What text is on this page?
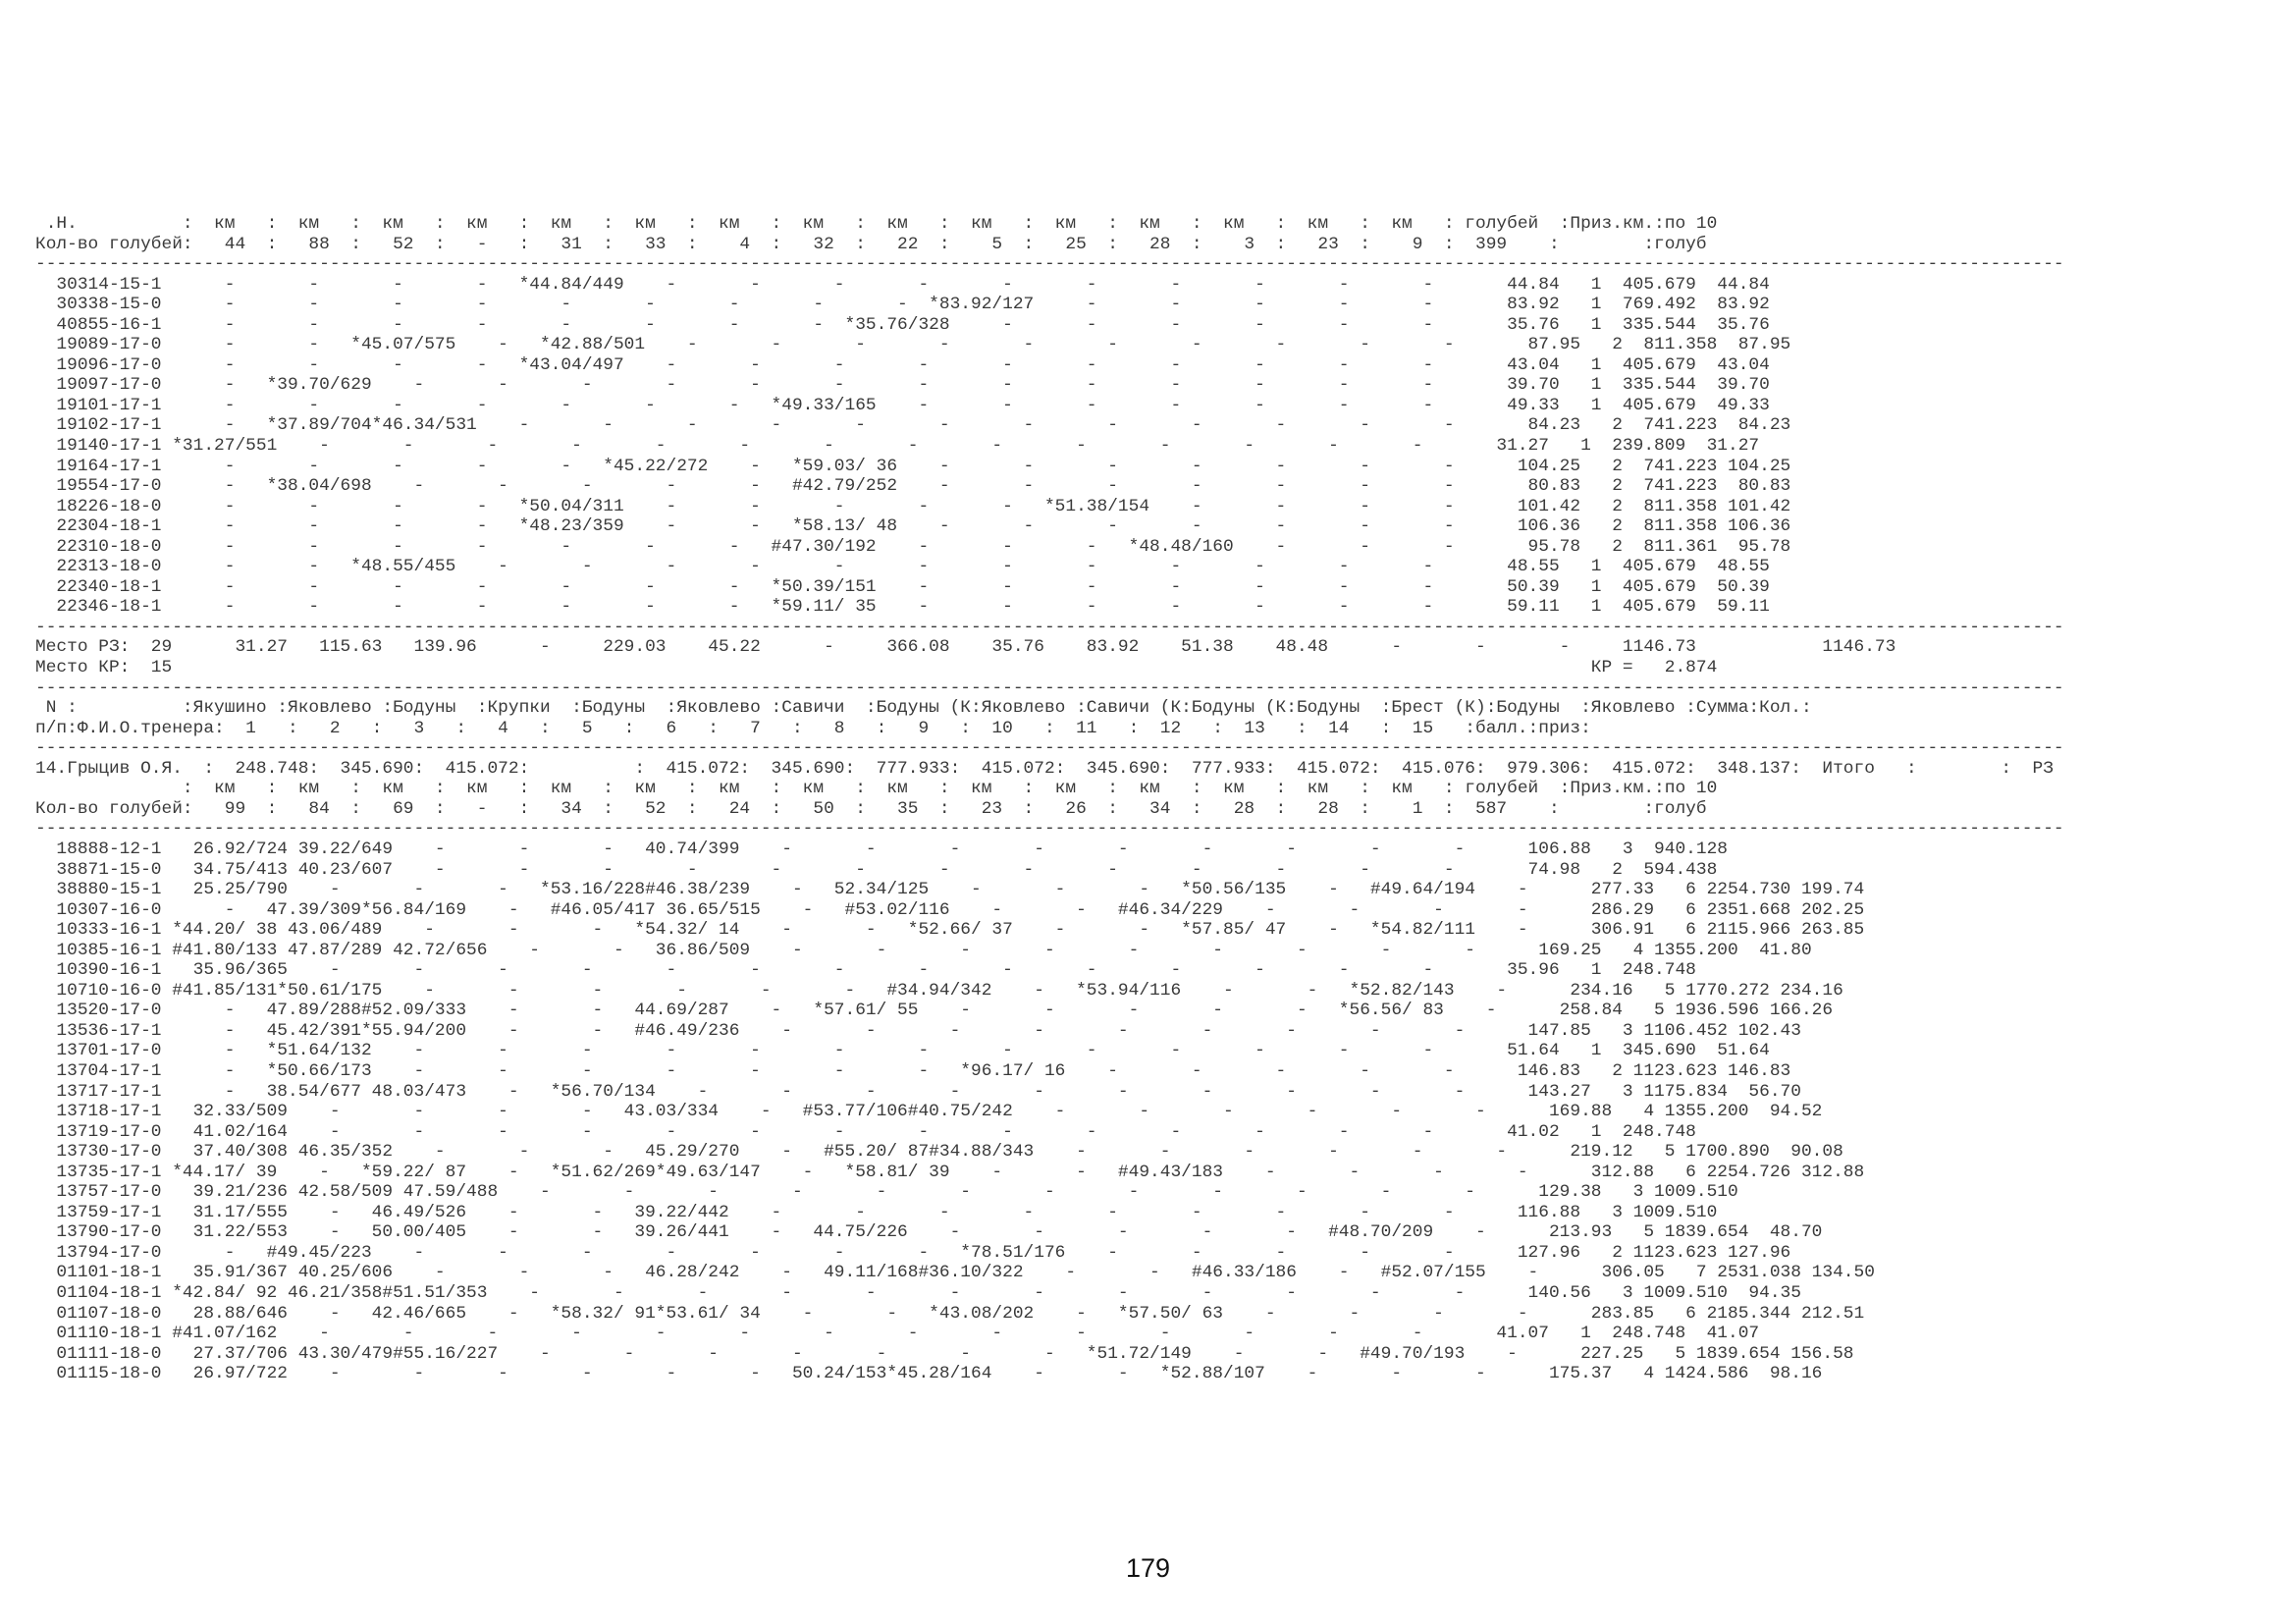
.Н.          :  км   :  км   :  км   :  км   :  км   :  км   :  км   :  км   :  км   :  км   :  км   :  км   :  км   :  км   :  км   : голубей  :Приз.км.:по 10
Кол-во голубей:   44  :   88  :   52  :   -   :   31  :   33  :    4  :   32  :   22  :    5  :   25  :   28  :    3  :   23  :    9  :  399    :        :голуб
-------------------------------------------------------------------------------------------------------------------------------------------------------------------------------------------------
30314-15-1      -       -       -       -   *44.84/449    -       -       -       -       -       -       -       -       -       -       44.84   1  405.679  44.84
30338-15-0      -       -       -       -       -       -       -       -       -  *83.92/127     -       -       -       -       -       83.92   1  769.492  83.92
40855-16-1      -       -       -       -       -       -       -       -  *35.76/328     -       -       -       -       -       -       35.76   1  335.544  35.76
19089-17-0      -       -   *45.07/575    -   *42.88/501    -       -       -       -       -       -       -       -       -       -       87.95   2  811.358  87.95
19096-17-0      -       -       -       -   *43.04/497    -       -       -       -       -       -       -       -       -       -       43.04   1  405.679  43.04
19097-17-0      -   *39.70/629    -       -       -       -       -       -       -       -       -       -       -       -       -       39.70   1  335.544  39.70
19101-17-1      -       -       -       -       -       -       -   *49.33/165    -       -       -       -       -       -       -       49.33   1  405.679  49.33
19102-17-1      -   *37.89/704*46.34/531    -       -       -       -       -       -       -       -       -       -       -       -       84.23   2  741.223  84.23
19140-17-1 *31.27/551    -       -       -       -       -       -       -       -       -       -       -       -       -       -       31.27   1  239.809  31.27
19164-17-1      -       -       -       -       -   *45.22/272    -   *59.03/ 36    -       -       -       -       -       -       -      104.25   2  741.223 104.25
19554-17-0      -   *38.04/698    -       -       -       -       -   #42.79/252    -       -       -       -       -       -       -       80.83   2  741.223  80.83
18226-18-0      -       -       -       -   *50.04/311    -       -       -       -       -   *51.38/154    -       -       -       -      101.42   2  811.358 101.42
22304-18-1      -       -       -       -   *48.23/359    -       -   *58.13/ 48    -       -       -       -       -       -       -      106.36   2  811.358 106.36
22310-18-0      -       -       -       -       -       -       -   #47.30/192    -       -       -   *48.48/160    -       -       -       95.78   2  811.361  95.78
22313-18-0      -       -   *48.55/455    -       -       -       -       -       -       -       -       -       -       -       -       48.55   1  405.679  48.55
22340-18-1      -       -       -       -       -       -       -   *50.39/151    -       -       -       -       -       -       -       50.39   1  405.679  50.39
22346-18-1      -       -       -       -       -       -       -   *59.11/ 35    -       -       -       -       -       -       -       59.11   1  405.679  59.11
-------------------------------------------------------------------------------------------------------------------------------------------------------------------------------------------------
Место РЗ:  29      31.27   115.63   139.96      -     229.03    45.22      -     366.08    35.76    83.92    51.38    48.48      -       -       -     1146.73            1146.73
Место КР:  15                                                                                                                                       КР =   2.874
-------------------------------------------------------------------------------------------------------------------------------------------------------------------------------------------------
N :          :Якушино :Яковлево :Бодуны  :Крупки  :Бодуны  :Яковлево :Савичи  :Бодуны (К:Яковлево :Савичи (К:Бодуны (К:Бодуны  :Брест (К):Бодуны  :Яковлево :Сумма:Кол.:
п/п:Ф.И.О.тренера:  1   :   2   :   3   :   4   :   5   :   6   :   7   :   8   :   9   :  10   :  11   :  12   :  13   :  14   :  15   :балл.:приз:
-------------------------------------------------------------------------------------------------------------------------------------------------------------------------------------------------
14.Грыцив О.Я.  :  248.748:  345.690:  415.072:          :  415.072:  345.690:  777.933:  415.072:  345.690:  777.933:  415.072:  415.076:  979.306:  415.072:  348.137:  Итого   :        :  РЗ
:  км   :  км   :  км   :  км   :  км   :  км   :  км   :  км   :  км   :  км   :  км   :  км   :  км   :  км   :  км   : голубей  :Приз.км.:по 10
Кол-во голубей:   99  :   84  :   69  :   -   :   34  :   52  :   24  :   50  :   35  :   23  :   26  :   34  :   28  :   28  :    1  :  587    :        :голуб
-------------------------------------------------------------------------------------------------------------------------------------------------------------------------------------------------
18888-12-1   26.92/724 39.22/649    -       -       -   40.74/399    -       -       -       -       -       -       -       -       -      106.88   3  940.128
38871-15-0   34.75/413 40.23/607    -       -       -       -       -       -       -       -       -       -       -       -       -       74.98   2  594.438
38880-15-1   25.25/790    -       -       -   *53.16/228#46.38/239    -   52.34/125    -       -       -   *50.56/135    -   #49.64/194    -      277.33   6 2254.730 199.74
10307-16-0      -   47.39/309*56.84/169    -   #46.05/417 36.65/515    -   #53.02/116    -       -   #46.34/229    -       -       -       -      286.29   6 2351.668 202.25
10333-16-1 *44.20/ 38 43.06/489    -       -       -   *54.32/ 14    -       -   *52.66/ 37    -       -   *57.85/ 47    -   *54.82/111    -      306.91   6 2115.966 263.85
10385-16-1 #41.80/133 47.87/289 42.72/656    -       -   36.86/509    -       -       -       -       -       -       -       -       -      169.25   4 1355.200  41.80
10390-16-1   35.96/365    -       -       -       -       -       -       -       -       -       -       -       -       -       -       35.96   1  248.748
10710-16-0 #41.85/131*50.61/175    -       -       -       -       -       -   #34.94/342    -   *53.94/116    -       -   *52.82/143    -      234.16   5 1770.272 234.16
13520-17-0      -   47.89/288#52.09/333    -       -   44.69/287    -   *57.61/ 55    -       -       -       -       -   *56.56/ 83    -      258.84   5 1936.596 166.26
13536-17-1      -   45.42/391*55.94/200    -       -   #46.49/236    -       -       -       -       -       -       -       -       -      147.85   3 1106.452 102.43
13701-17-0      -   *51.64/132    -       -       -       -       -       -       -       -       -       -       -       -       -       51.64   1  345.690  51.64
13704-17-1      -   *50.66/173    -       -       -       -       -       -       -   *96.17/ 16    -       -       -       -       -      146.83   2 1123.623 146.83
13717-17-1      -   38.54/677 48.03/473    -   *56.70/134    -       -       -       -       -       -       -       -       -       -      143.27   3 1175.834  56.70
13718-17-1   32.33/509    -       -       -       -   43.03/334    -   #53.77/106#40.75/242    -       -       -       -       -       -      169.88   4 1355.200  94.52
13719-17-0   41.02/164    -       -       -       -       -       -       -       -       -       -       -       -       -       -       41.02   1  248.748
13730-17-0   37.40/308 46.35/352    -       -       -   45.29/270    -   #55.20/ 87#34.88/343    -       -       -       -       -       -      219.12   5 1700.890  90.08
13735-17-1 *44.17/ 39    -   *59.22/ 87    -   *51.62/269*49.63/147    -   *58.81/ 39    -       -   #49.43/183    -       -       -       -      312.88   6 2254.726 312.88
13757-17-0   39.21/236 42.58/509 47.59/488    -       -       -       -       -       -       -       -       -       -       -       -      129.38   3 1009.510
13759-17-1   31.17/555    -   46.49/526    -       -   39.22/442    -       -       -       -       -       -       -       -       -      116.88   3 1009.510
13790-17-0   31.22/553    -   50.00/405    -       -   39.26/441    -   44.75/226    -       -       -       -       -   #48.70/209    -      213.93   5 1839.654  48.70
13794-17-0      -   #49.45/223    -       -       -       -       -       -       -   *78.51/176    -       -       -       -       -      127.96   2 1123.623 127.96
01101-18-1   35.91/367 40.25/606    -       -       -   46.28/242    -   49.11/168#36.10/322    -       -   #46.33/186    -   #52.07/155    -      306.05   7 2531.038 134.50
01104-18-1 *42.84/ 92 46.21/358#51.51/353    -       -       -       -       -       -       -       -       -       -       -       -      140.56   3 1009.510  94.35
01107-18-0   28.88/646    -   42.46/665    -   *58.32/ 91*53.61/ 34    -       -   *43.08/202    -   *57.50/ 63    -       -       -       -      283.85   6 2185.344 212.51
01110-18-1 #41.07/162    -       -       -       -       -       -       -       -       -       -       -       -       -       -       41.07   1  248.748  41.07
01111-18-0   27.37/706 43.30/479#55.16/227    -       -       -       -       -       -       -   *51.72/149    -       -   #49.70/193    -      227.25   5 1839.654 156.58
01115-18-0   26.97/722    -       -       -       -       -       -   50.24/153*45.28/164    -       -   *52.88/107    -       -       -      175.37   4 1424.586  98.16
179
